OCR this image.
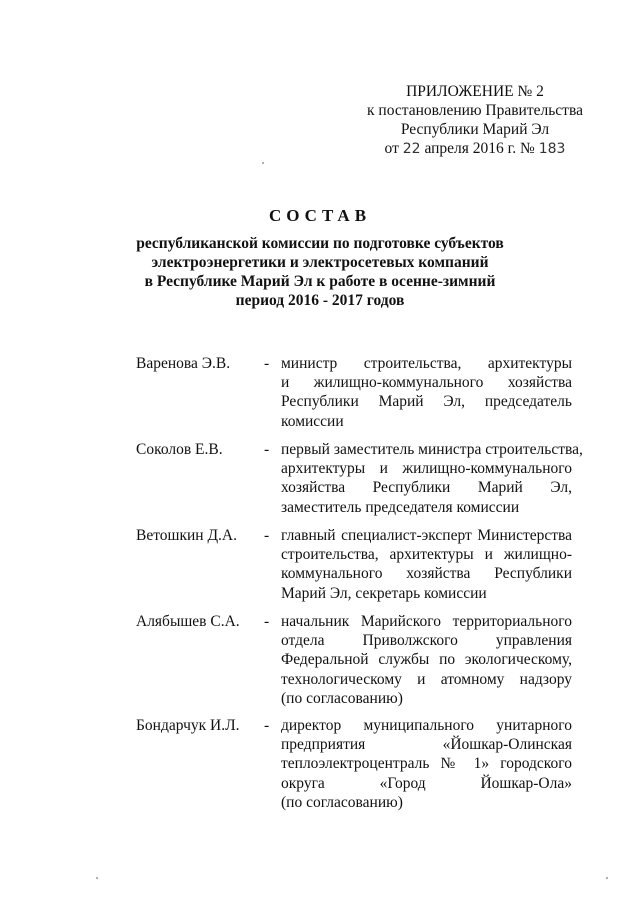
ПРИЛОЖЕНИЕ № 2
к постановлению Правительства
Республики Марий Эл
от 22 апреля 2016 г. № 183
СОСТАВ
республиканской комиссии по подготовке субъектов
электроэнергетики и электросетевых компаний
в Республике Марий Эл к работе в осенне-зимний
период 2016 - 2017 годов
Варенова Э.В.	- министр строительства, архитектуры
и жилищно-коммунального хозяйства
Республики Марий Эл, председатель
комиссии
Соколов Е.В.	- первый заместитель министра строительства,
архитектуры и жилищно-коммунального
хозяйства Республики Марий Эл,
заместитель председателя комиссии
Ветошкин Д.А.	- главный специалист-эксперт Министерства
строительства, архитектуры и жилищно-
коммунального хозяйства Республики
Марий Эл, секретарь комиссии
Алябышев С.А.	- начальник Марийского территориального
отдела Приволжского управления
Федеральной службы по экологическому,
технологическому и атомному надзору
(по согласованию)
Бондарчук И.Л.	- директор муниципального унитарного
предприятия «Йошкар-Олинская
теплоэлектроцентраль № 1» городского
округа «Город Йошкар-Ола»
(по согласованию)
